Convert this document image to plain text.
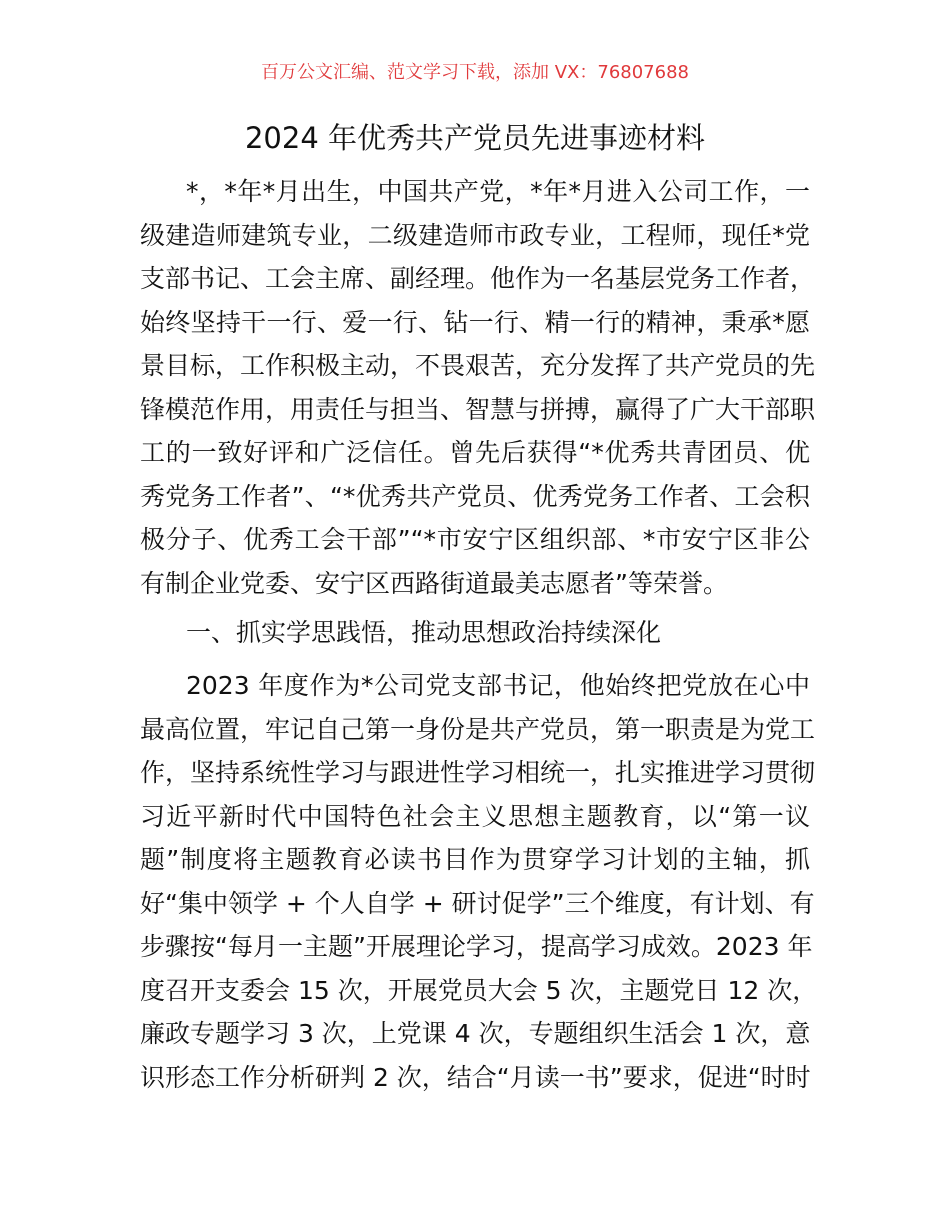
百万公文汇编、范文学习下载，添加 VX：76807688
2024 年优秀共产党员先进事迹材料
*，*年*月出生，中国共产党，*年*月进入公司工作，一
级建造师建筑专业，二级建造师市政专业，工程师，现任*党
支部书记、工会主席、副经理。他作为一名基层党务工作者，
始终坚持干一行、爱一行、钻一行、精一行的精神，秉承*愿
景目标，工作积极主动，不畏艰苦，充分发挥了共产党员的先
锋模范作用，用责任与担当、智慧与拼搏，赢得了广大干部职
工的一致好评和广泛信任。曾先后获得“*优秀共青团员、优
秀党务工作者”、“*优秀共产党员、优秀党务工作者、工会积
极分子、优秀工会干部”“*市安宁区组织部、*市安宁区非公
有制企业党委、安宁区西路街道最美志愿者”等荣誉。
一、抓实学思践悟，推动思想政治持续深化
2023 年度作为*公司党支部书记，他始终把党放在心中
最高位置，牢记自己第一身份是共产党员，第一职责是为党工
作，坚持系统性学习与跟进性学习相统一，扎实推进学习贯彻
习近平新时代中国特色社会主义思想主题教育，以“第一议
题”制度将主题教育必读书目作为贯穿学习计划的主轴，抓
好“集中领学 + 个人自学 + 研讨促学”三个维度，有计划、有
步骤按“每月一主题”开展理论学习，提高学习成效。2023 年
度召开支委会 15 次，开展党员大会 5 次，主题党日 12 次，
廉政专题学习 3 次，上党课 4 次，专题组织生活会 1 次，意
识形态工作分析研判 2 次，结合“月读一书”要求，促进“时时
